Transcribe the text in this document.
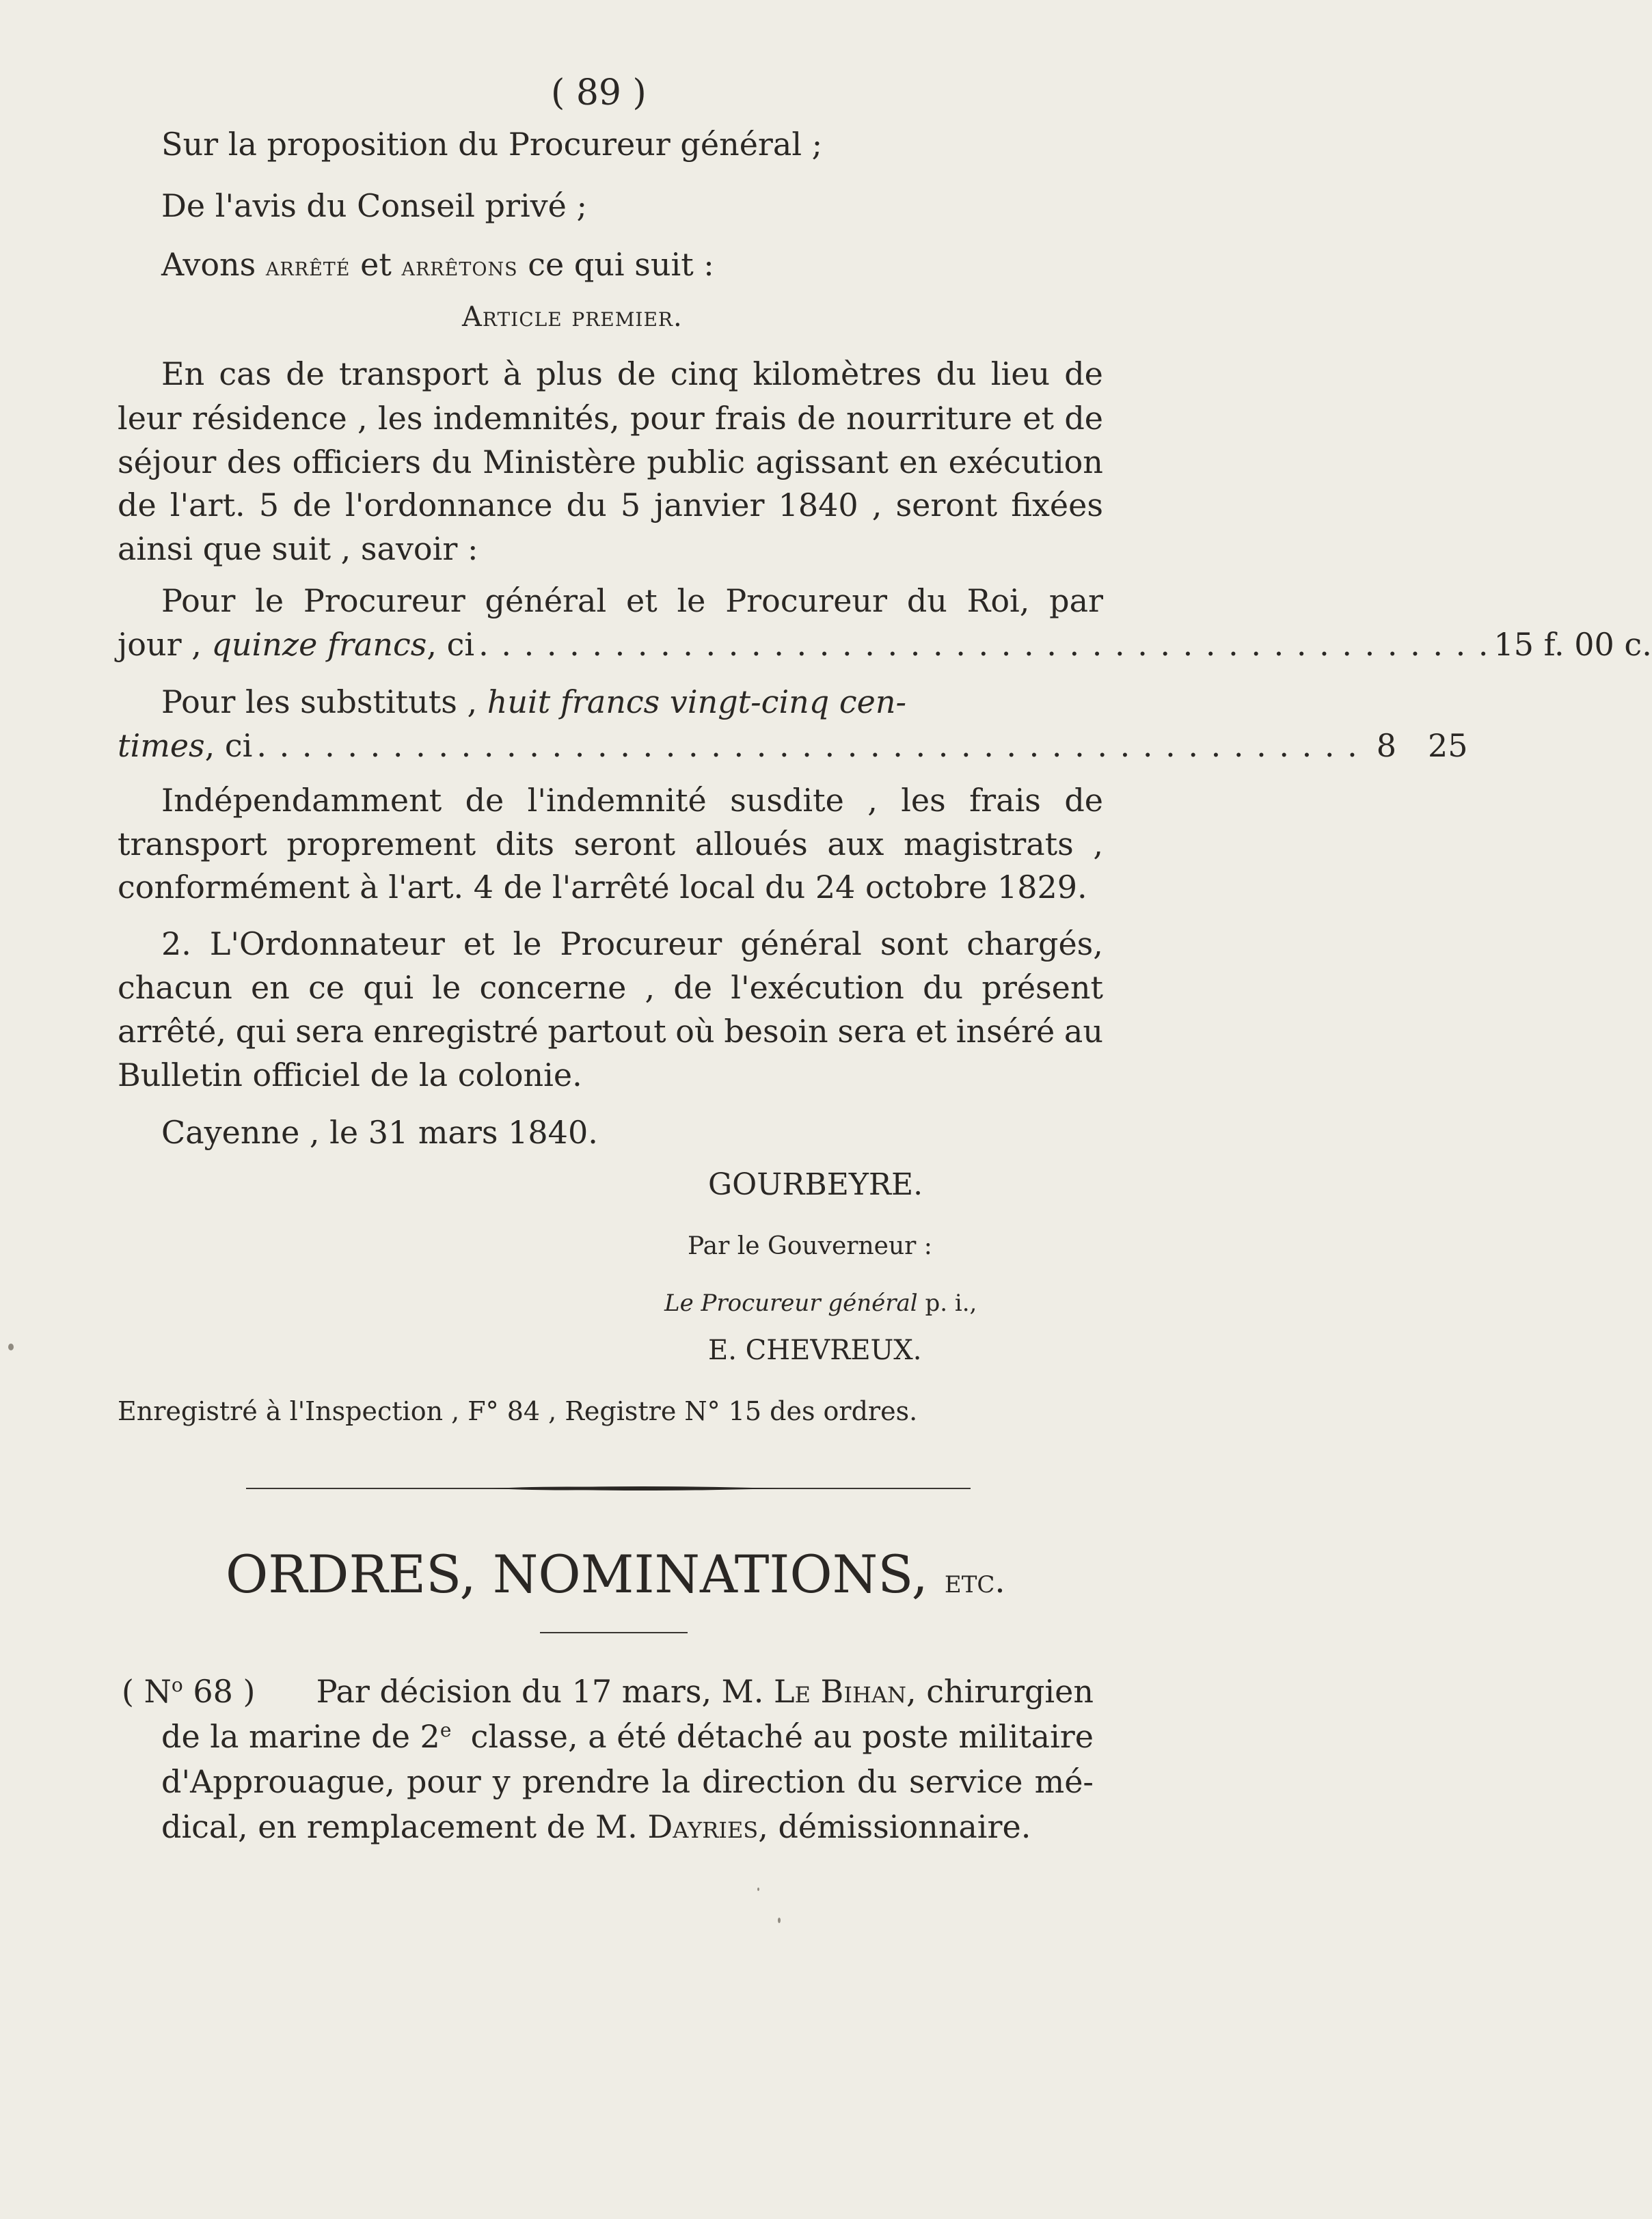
( 89 )
Sur la proposition du Procureur général ;
De l'avis du Conseil privé ;
Avons arrêté et arrêtons ce qui suit :
Article premier.
En cas de transport à plus de cinq kilomètres du lieu de
leur résidence , les indemnités, pour frais de nourriture et de
séjour des officiers du Ministère public agissant en exécution
de l'art. 5 de l'ordonnance du 5 janvier 1840 , seront fixées
ainsi que suit , savoir :
Pour le Procureur général et le Procureur du Roi, par
jour , quinze francs, ci . . . . . . . . . . . . . . . . . . . . . . . . . . . . . . . . . . . . . . . . . . . . . 15 f. 00 c.
Pour les substituts , huit francs vingt-cinq cen-
times, ci . . . . . . . . . . . . . . . . . . . . . . . . . . . . . . . . . . . . . . . . . . . . . . . . . 8 25
Indépendamment de l'indemnité susdite , les frais de
transport proprement dits seront alloués aux magistrats ,
conformément à l'art. 4 de l'arrêté local du 24 octobre 1829.
2. L'Ordonnateur et le Procureur général sont chargés,
chacun en ce qui le concerne , de l'exécution du présent
arrêté, qui sera enregistré partout où besoin sera et inséré au
Bulletin officiel de la colonie.
Cayenne , le 31 mars 1840.
GOURBEYRE.
Par le Gouverneur :
Le Procureur général p. i.,
E. CHEVREUX.
Enregistré à l'Inspection , F° 84 , Registre N° 15 des ordres.
ORDRES, NOMINATIONS, etc.
( $N^o$ 68 ) Par décision du 17 mars, M. Le Bihan, chirurgien
de la marine de 2e classe, a été détaché au poste militaire
d'Approuague, pour y prendre la direction du service mé-
dical, en remplacement de M. Dayries, démissionnaire.
